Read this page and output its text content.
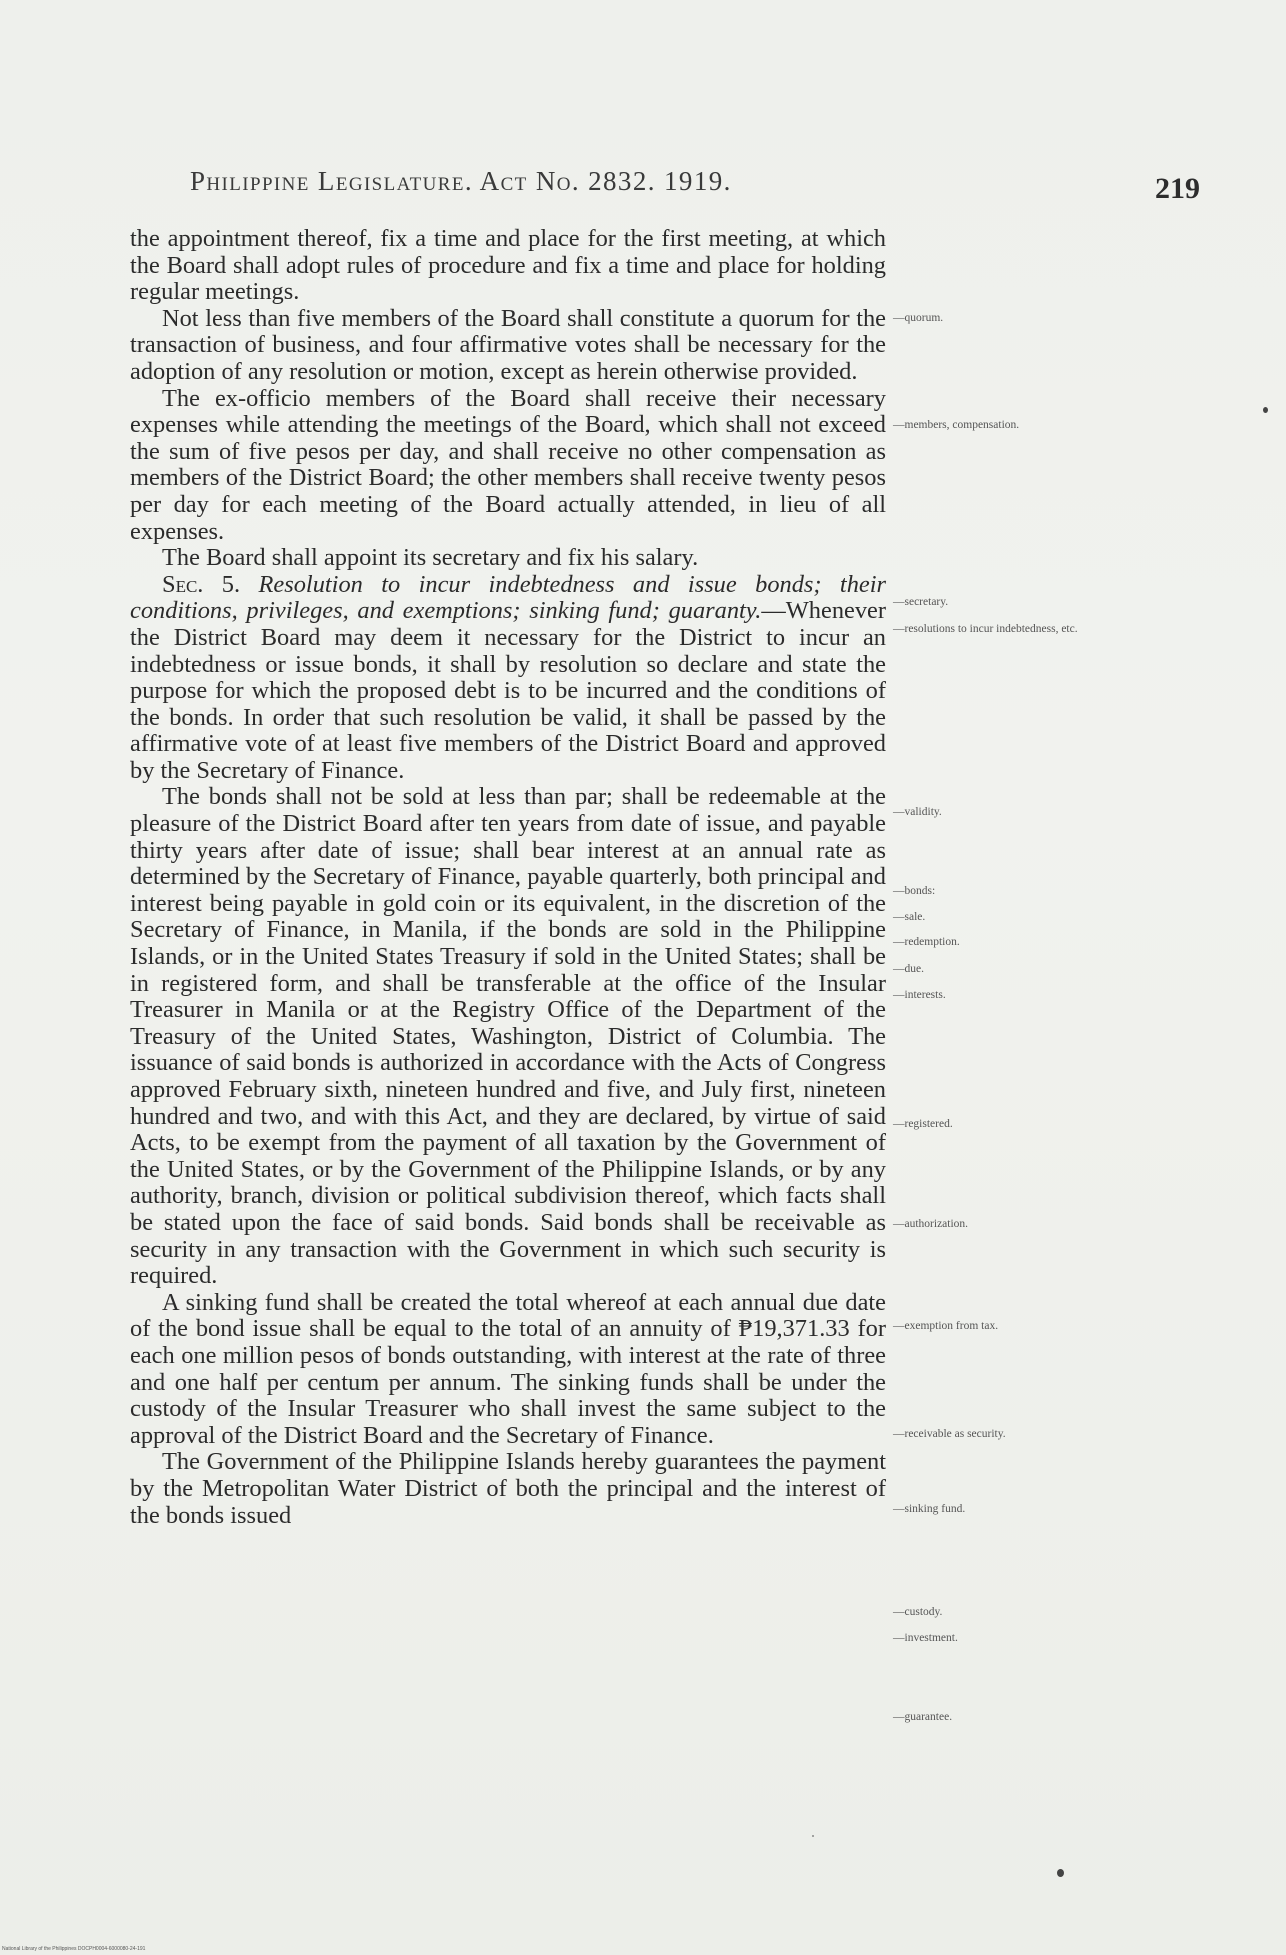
Philippine Legislature. Act No. 2832. 1919.	219

the appointment thereof, fix a time and place for the first meeting, at which the Board shall adopt rules of procedure and fix a time and place for holding regular meetings.

Not less than five members of the Board shall constitute a quorum for the transaction of business, and four affirmative votes shall be necessary for the adoption of any resolution or motion, except as herein otherwise provided.

The ex-officio members of the Board shall receive their necessary expenses while attending the meetings of the Board, which shall not exceed the sum of five pesos per day, and shall receive no other compensation as members of the District Board; the other members shall receive twenty pesos per day for each meeting of the Board actually attended, in lieu of all expenses.

The Board shall appoint its secretary and fix his salary.

Sec. 5. Resolution to incur indebtedness and issue bonds; their conditions, privileges, and exemptions; sinking fund; guaranty.—Whenever the District Board may deem it necessary for the District to incur an indebtedness or issue bonds, it shall by resolution so declare and state the purpose for which the proposed debt is to be incurred and the conditions of the bonds. In order that such resolution be valid, it shall be passed by the affirmative vote of at least five members of the District Board and approved by the Secretary of Finance.

The bonds shall not be sold at less than par; shall be redeemable at the pleasure of the District Board after ten years from date of issue, and payable thirty years after date of issue; shall bear interest at an annual rate as determined by the Secretary of Finance, payable quarterly, both principal and interest being payable in gold coin or its equivalent, in the discretion of the Secretary of Finance, in Manila, if the bonds are sold in the Philippine Islands, or in the United States Treasury if sold in the United States; shall be in registered form, and shall be transferable at the office of the Insular Treasurer in Manila or at the Registry Office of the Department of the Treasury of the United States, Washington, District of Columbia. The issuance of said bonds is authorized in accordance with the Acts of Congress approved February sixth, nineteen hundred and five, and July first, nineteen hundred and two, and with this Act, and they are declared, by virtue of said Acts, to be exempt from the payment of all taxation by the Government of the United States, or by the Government of the Philippine Islands, or by any authority, branch, division or political subdivision thereof, which facts shall be stated upon the face of said bonds. Said bonds shall be receivable as security in any transaction with the Government in which such security is required.

A sinking fund shall be created the total whereof at each annual due date of the bond issue shall be equal to the total of an annuity of ₱19,371.33 for each one million pesos of bonds outstanding, with interest at the rate of three and one half per centum per annum. The sinking funds shall be under the custody of the Insular Treasurer who shall invest the same subject to the approval of the District Board and the Secretary of Finance.

The Government of the Philippine Islands hereby guarantees the payment by the Metropolitan Water District of both the principal and the interest of the bonds issued

—quorum.
—members, compensation.
—secretary.
—resolutions to incur indebtedness, etc.
—validity.
—bonds:
—sale.
—redemption.
—due.
—interests.
—registered.
—authorization.
—exemption from tax.
—receivable as security.
—sinking fund.
—custody.
—investment.
—guarantee.
National Library of the Philippines DOCPH0004-6000080-24-191
